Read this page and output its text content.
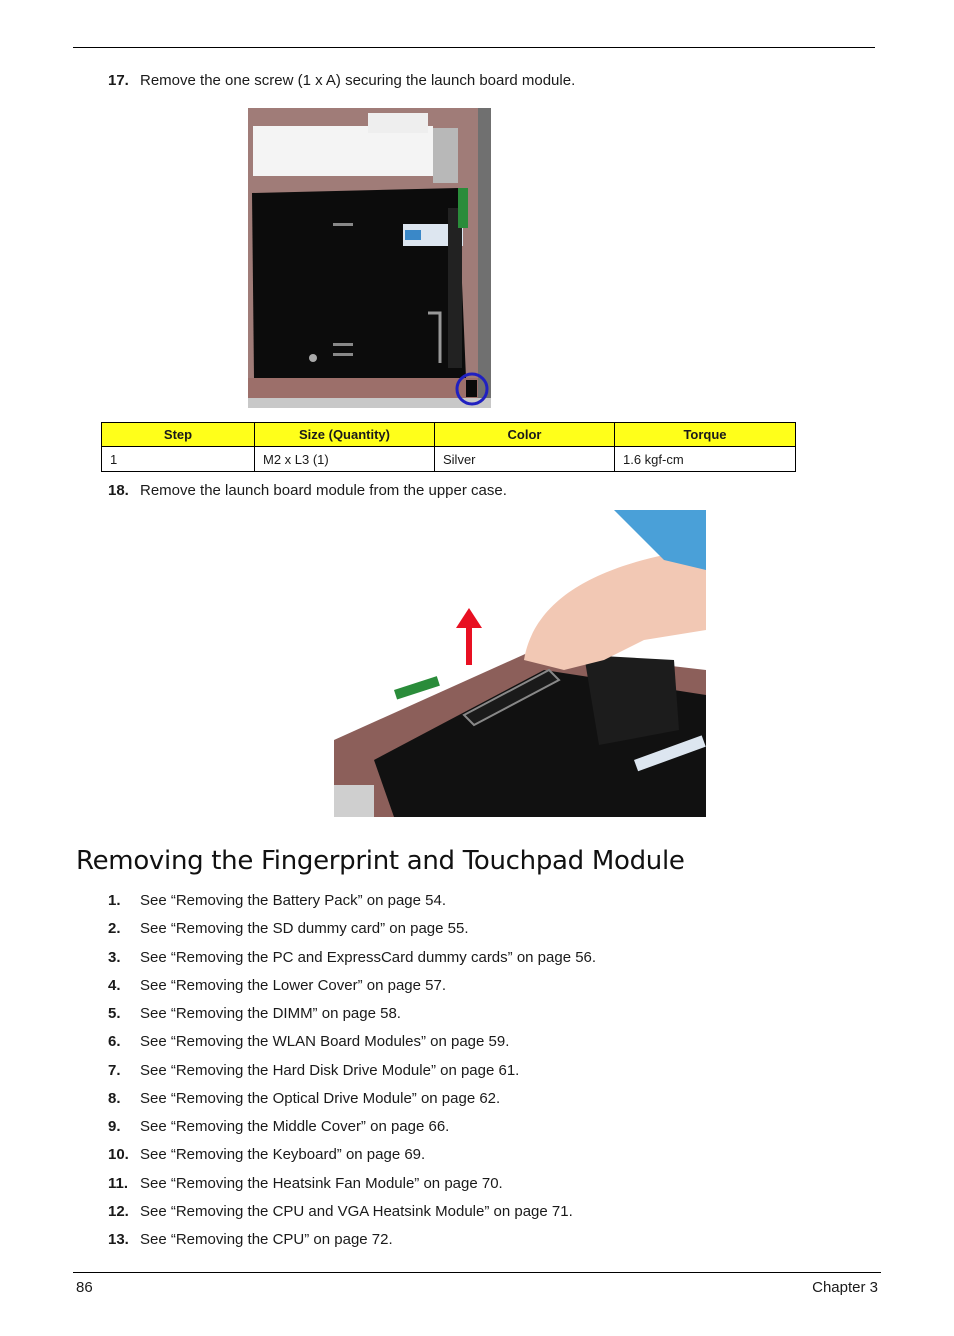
17. Remove the one screw (1 x A) securing the launch board module.
Step	Size (Quantity)	Color	Torque
1	M2 x L3 (1)	Silver	1.6 kgf-cm
18. Remove the launch board module from the upper case.
Removing the Fingerprint and Touchpad Module
1. See “Removing the Battery Pack” on page 54.
2. See “Removing the SD dummy card” on page 55.
3. See “Removing the PC and ExpressCard dummy cards” on page 56.
4. See “Removing the Lower Cover” on page 57.
5. See “Removing the DIMM” on page 58.
6. See “Removing the WLAN Board Modules” on page 59.
7. See “Removing the Hard Disk Drive Module” on page 61.
8. See “Removing the Optical Drive Module” on page 62.
9. See “Removing the Middle Cover” on page 66.
10. See “Removing the Keyboard” on page 69.
11. See “Removing the Heatsink Fan Module” on page 70.
12. See “Removing the CPU and VGA Heatsink Module” on page 71.
13. See “Removing the CPU” on page 72.
86	Chapter 3
